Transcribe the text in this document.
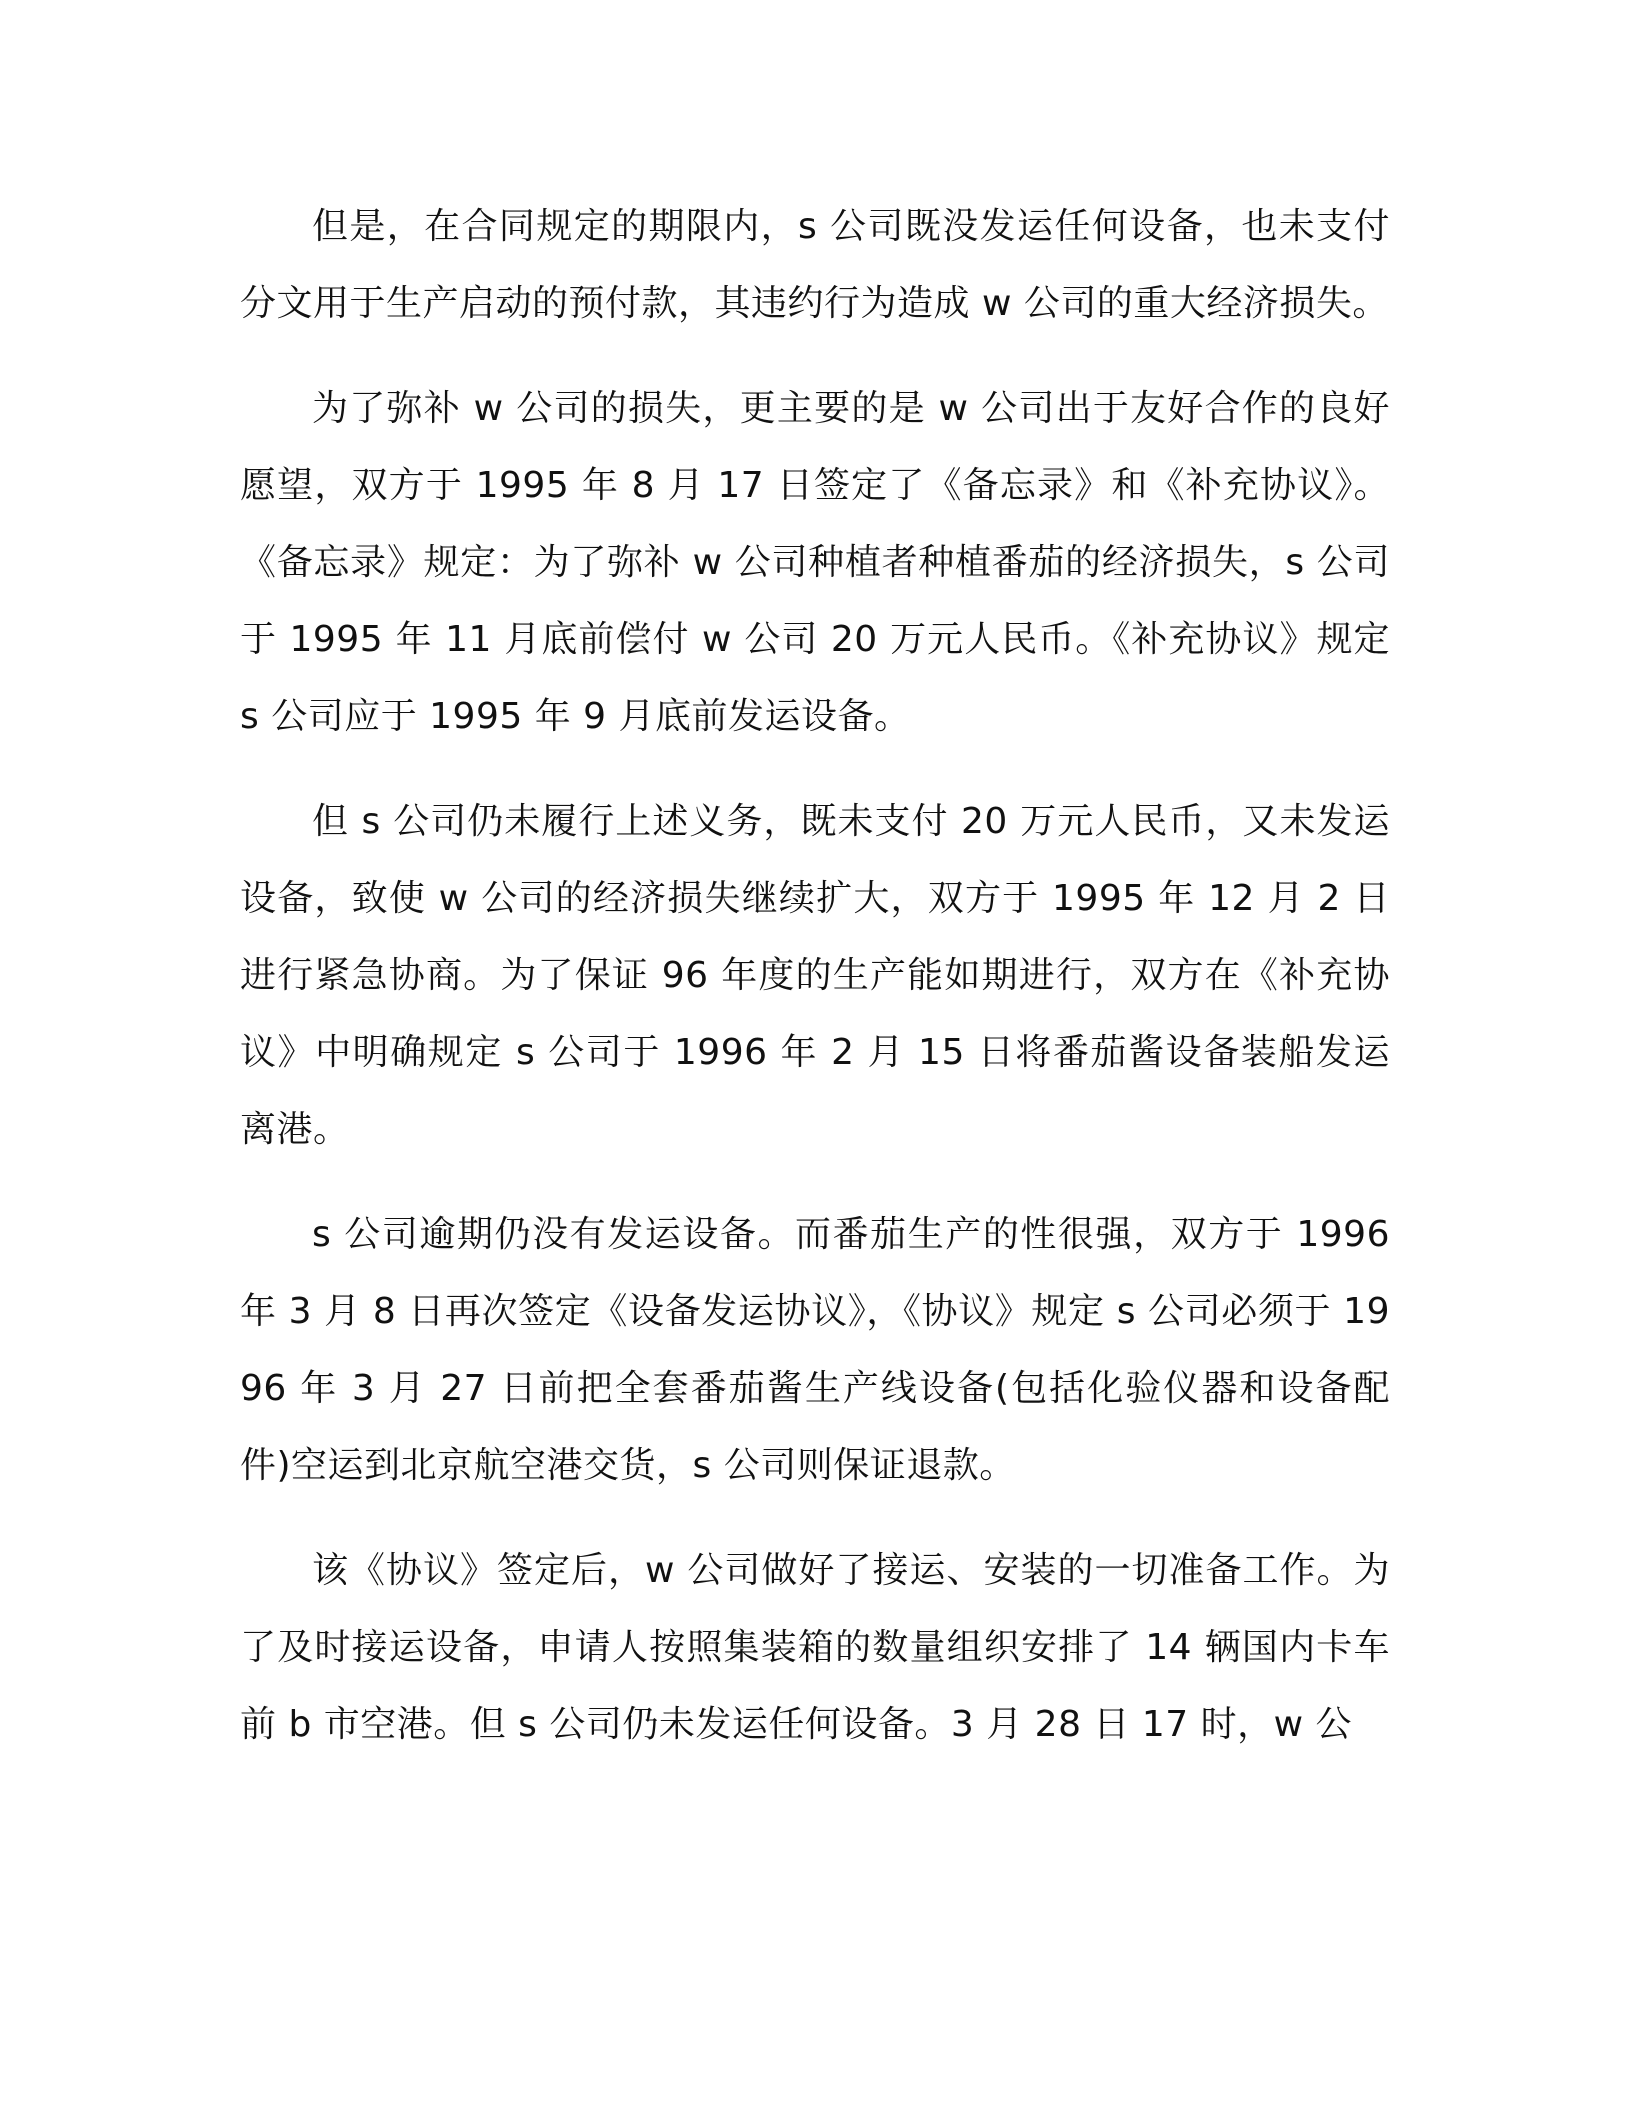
但是，在合同规定的期限内，s 公司既没发运任何设备，也未支付分文用于生产启动的预付款，其违约行为造成 w 公司的重大经济损失。

为了弥补 w 公司的损失，更主要的是 w 公司出于友好合作的良好愿望，双方于 1995 年 8 月 17 日签定了《备忘录》和《补充协议》。《备忘录》规定：为了弥补 w 公司种植者种植番茄的经济损失，s 公司于 1995 年 11 月底前偿付 w 公司 20 万元人民币。《补充协议》规定 s 公司应于 1995 年 9 月底前发运设备。

但 s 公司仍未履行上述义务，既未支付 20 万元人民币，又未发运设备，致使 w 公司的经济损失继续扩大，双方于 1995 年 12 月 2 日进行紧急协商。为了保证 96 年度的生产能如期进行，双方在《补充协议》中明确规定 s 公司于 1996 年 2 月 15 日将番茄酱设备装船发运离港。

s 公司逾期仍没有发运设备。而番茄生产的性很强，双方于 1996 年 3 月 8 日再次签定《设备发运协议》，《协议》规定 s 公司必须于 1996 年 3 月 27 日前把全套番茄酱生产线设备(包括化验仪器和设备配件)空运到北京航空港交货，s 公司则保证退款。

该《协议》签定后，w 公司做好了接运、安装的一切准备工作。为了及时接运设备，申请人按照集装箱的数量组织安排了 14 辆国内卡车前 b 市空港。但 s 公司仍未发运任何设备。3 月 28 日 17 时，w 公
